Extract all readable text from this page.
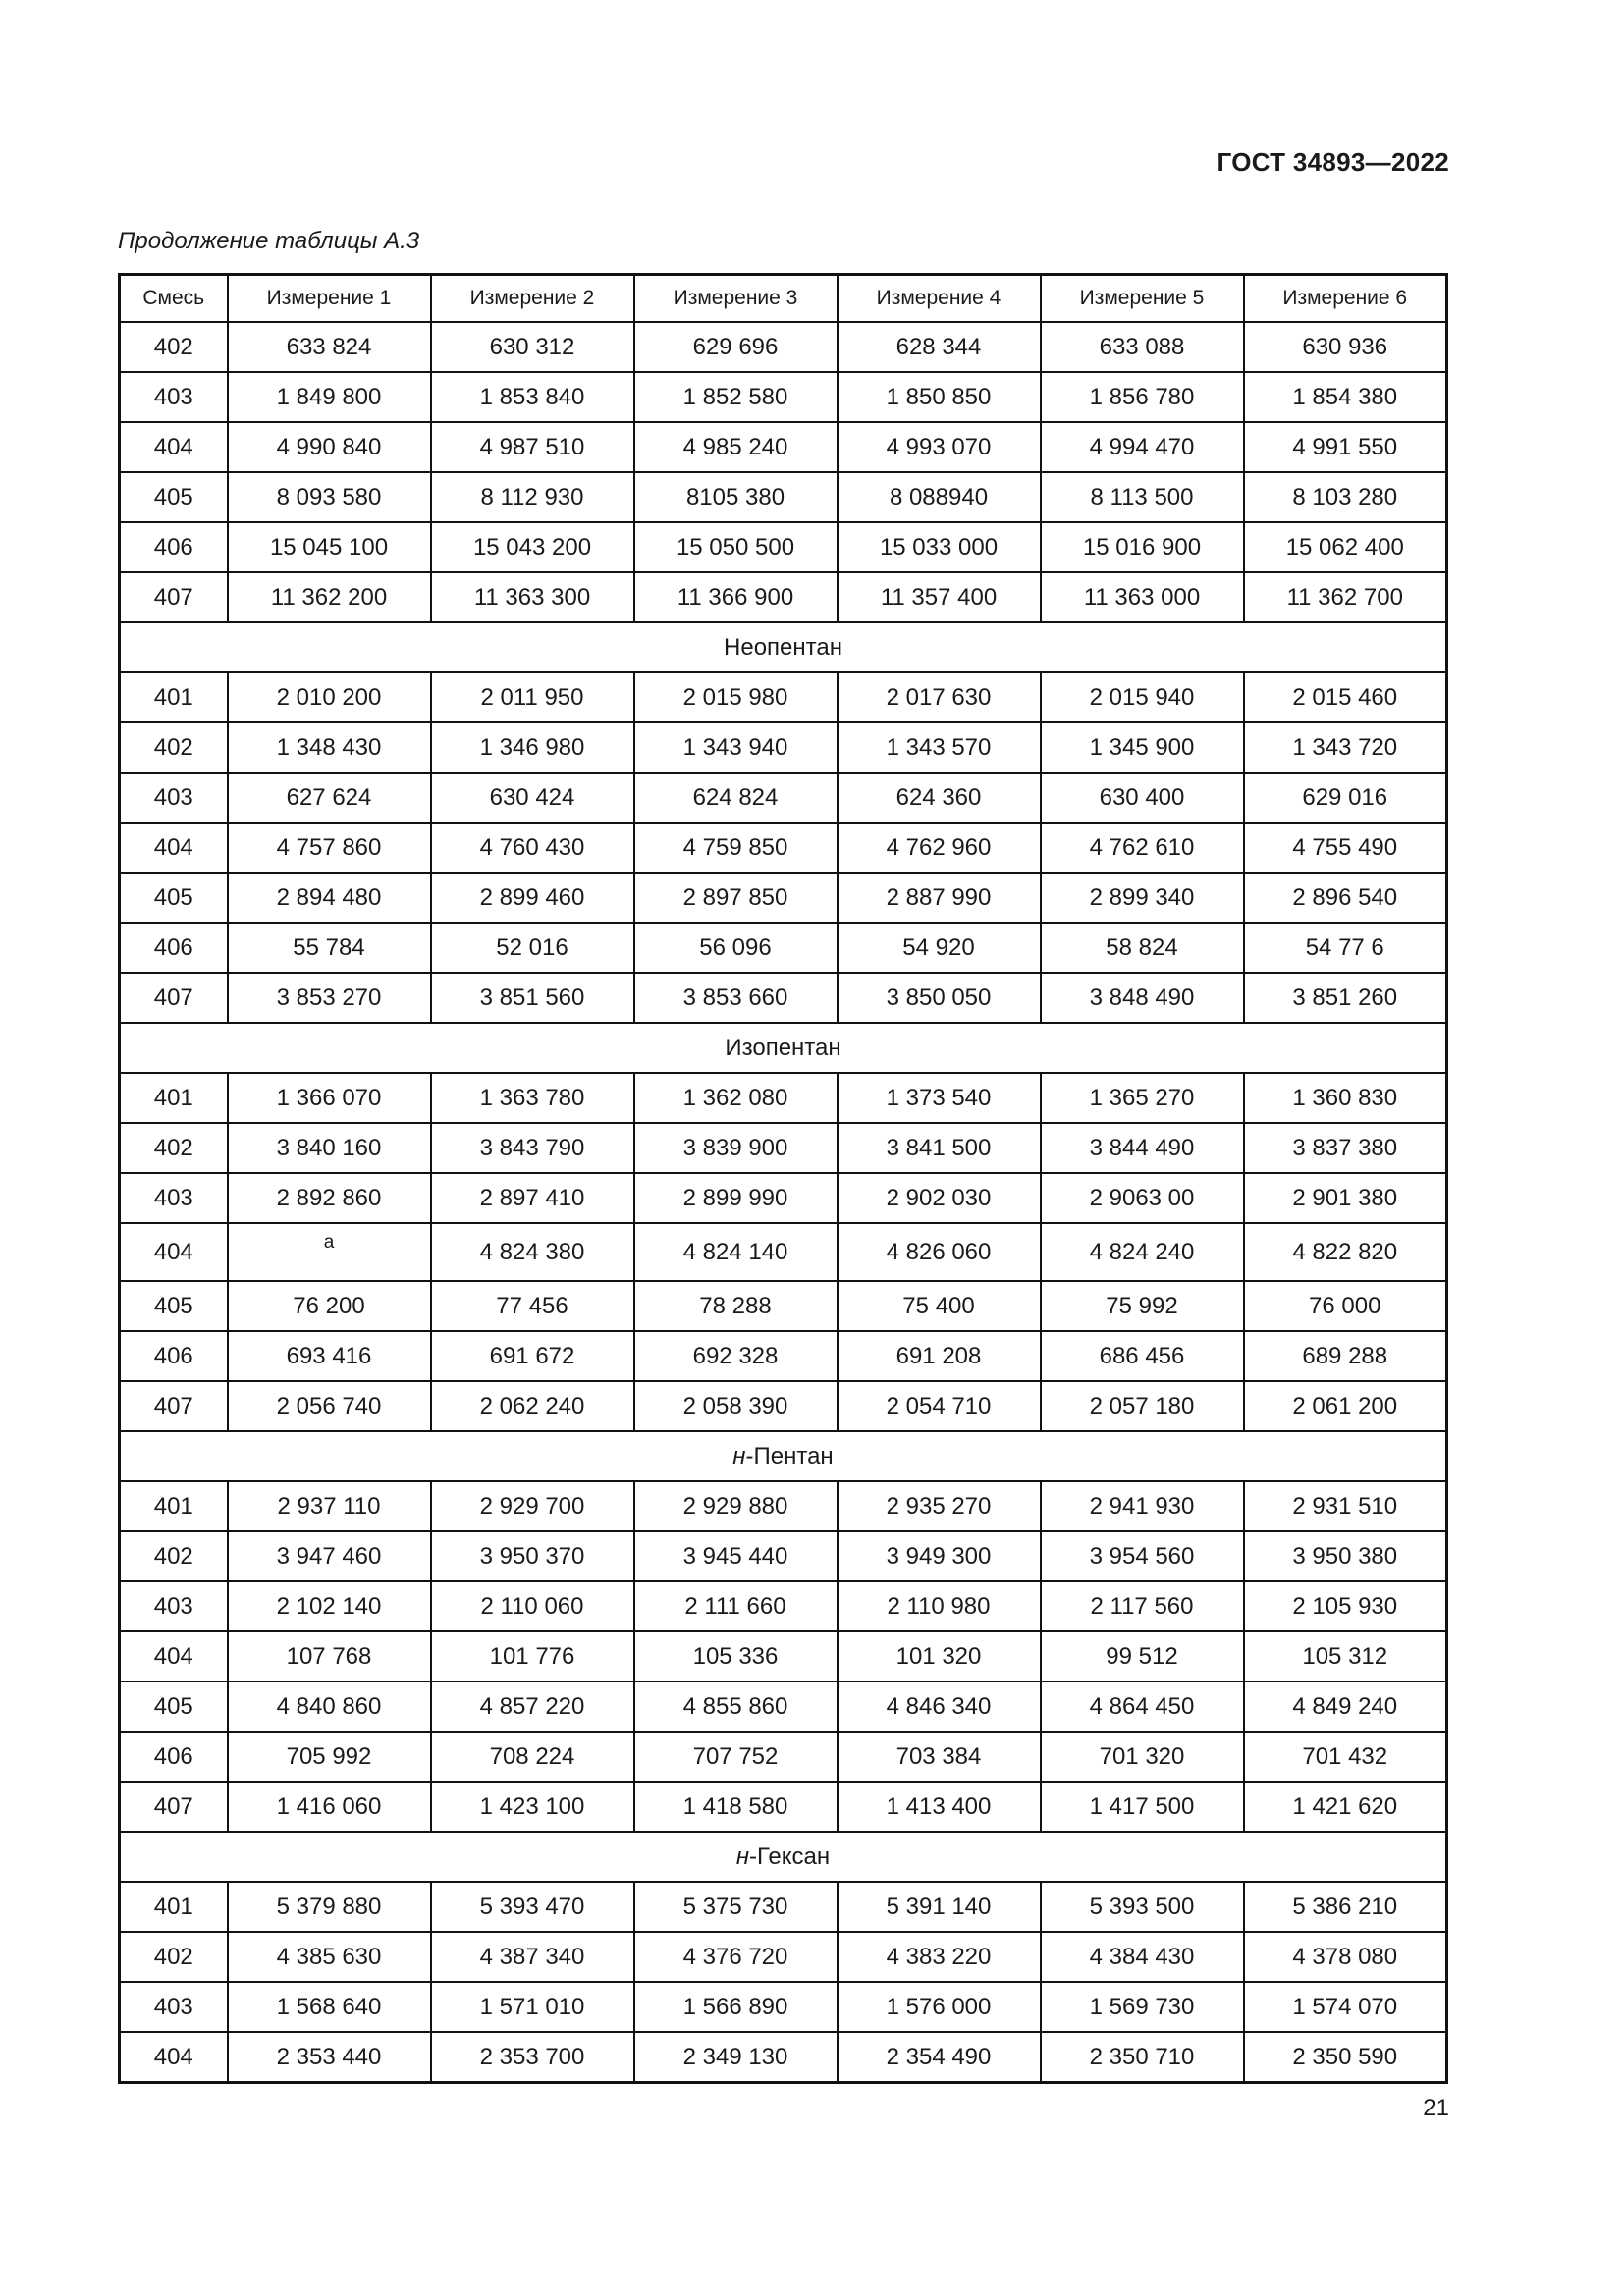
ГОСТ 34893—2022
Продолжение таблицы А.3
Смесь	Измерение 1	Измерение 2	Измерение 3	Измерение 4	Измерение 5	Измерение 6
402	633 824	630 312	629 696	628 344	633 088	630 936
403	1 849 800	1 853 840	1 852 580	1 850 850	1 856 780	1 854 380
404	4 990 840	4 987 510	4 985 240	4 993 070	4 994 470	4 991 550
405	8 093 580	8 112 930	8105 380	8 088940	8 113 500	8 103 280
406	15 045 100	15 043 200	15 050 500	15 033 000	15 016 900	15 062 400
407	11 362 200	11 363 300	11 366 900	11 357 400	11 363 000	11 362 700
Неопентан						
401	2 010 200	2 011 950	2 015 980	2 017 630	2 015 940	2 015 460
402	1 348 430	1 346 980	1 343 940	1 343 570	1 345 900	1 343 720
403	627 624	630 424	624 824	624 360	630 400	629 016
404	4 757 860	4 760 430	4 759 850	4 762 960	4 762 610	4 755 490
405	2 894 480	2 899 460	2 897 850	2 887 990	2 899 340	2 896 540
406	55 784	52 016	56 096	54 920	58 824	54 77 6
407	3 853 270	3 851 560	3 853 660	3 850 050	3 848 490	3 851 260
Изопентан						
401	1 366 070	1 363 780	1 362 080	1 373 540	1 365 270	1 360 830
402	3 840 160	3 843 790	3 839 900	3 841 500	3 844 490	3 837 380
403	2 892 860	2 897 410	2 899 990	2 902 030	2 9063 00	2 901 380
404	а	4 824 380	4 824 140	4 826 060	4 824 240	4 822 820
405	76 200	77 456	78 288	75 400	75 992	76 000
406	693 416	691 672	692 328	691 208	686 456	689 288
407	2 056 740	2 062 240	2 058 390	2 054 710	2 057 180	2 061 200
н-Пентан						
401	2 937 110	2 929 700	2 929 880	2 935 270	2 941 930	2 931 510
402	3 947 460	3 950 370	3 945 440	3 949 300	3 954 560	3 950 380
403	2 102 140	2 110 060	2 111 660	2 110 980	2 117 560	2 105 930
404	107 768	101 776	105 336	101 320	99 512	105 312
405	4 840 860	4 857 220	4 855 860	4 846 340	4 864 450	4 849 240
406	705 992	708 224	707 752	703 384	701 320	701 432
407	1 416 060	1 423 100	1 418 580	1 413 400	1 417 500	1 421 620
н-Гексан						
401	5 379 880	5 393 470	5 375 730	5 391 140	5 393 500	5 386 210
402	4 385 630	4 387 340	4 376 720	4 383 220	4 384 430	4 378 080
403	1 568 640	1 571 010	1 566 890	1 576 000	1 569 730	1 574 070
404	2 353 440	2 353 700	2 349 130	2 354 490	2 350 710	2 350 590
21
